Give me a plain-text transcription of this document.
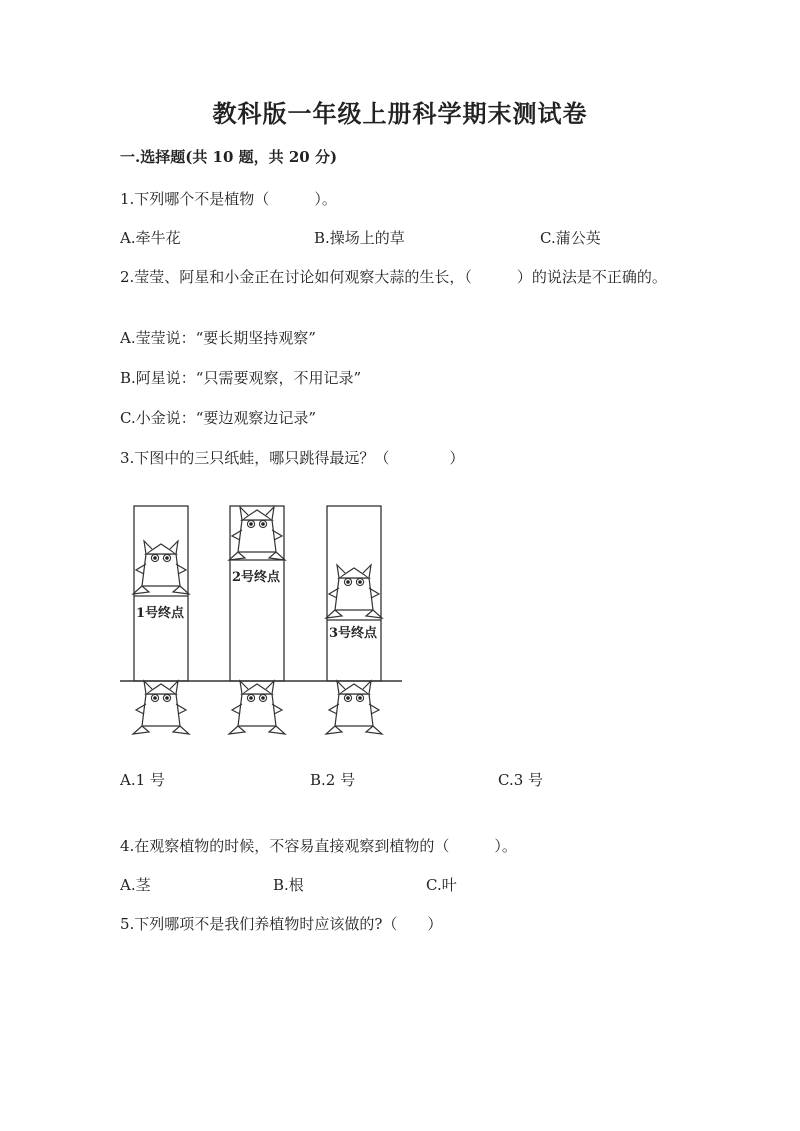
教科版一年级上册科学期末测试卷
一.选择题(共 10 题，共 20 分)
1.下列哪个不是植物（　　　）。
A.牵牛花	B.操场上的草	C.蒲公英
2.莹莹、阿星和小金正在讨论如何观察大蒜的生长，（　　　）的说法是不正确的。
A.莹莹说：“要长期坚持观察”
B.阿星说：“只需要观察，不用记录”
C.小金说：“要边观察边记录”
3.下图中的三只纸蛙，哪只跳得最远？（　　　　）
1号终点
2号终点
3号终点
A.1 号	B.2 号	C.3 号
4.在观察植物的时候，不容易直接观察到植物的（　　　）。
A.茎	B.根	C.叶
5.下列哪项不是我们养植物时应该做的?（　　）
